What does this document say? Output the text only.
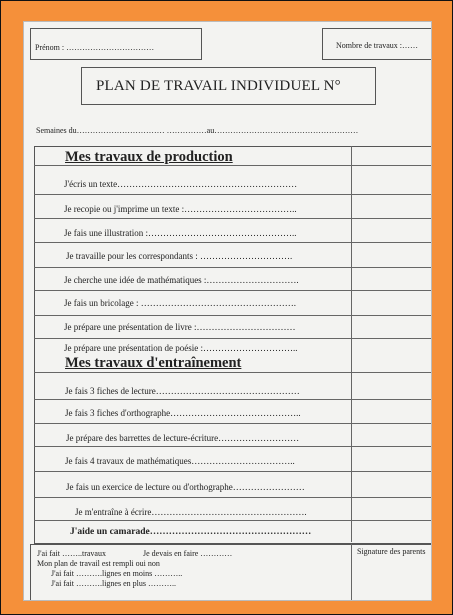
Prénom : ……………………………	Nombre de travaux :……
PLAN DE TRAVAIL INDIVIDUEL N°
Semaines du…………………………… ……………au………………………………………………
Mes travaux de production
J'écris un texte……………………………………………………
Je recopie ou j'imprime un texte :………………………………..
Je fais une illustration :…………………………………………..
Je travaille pour les correspondants : ………………………….
Je cherche une idée de mathématiques :………………………….
Je fais un bricolage : …………………………………………….
Je prépare une présentation de livre :……………………………
Je prépare une présentation de poésie :…………………………..
Mes travaux d'entraînement
Je fais 3 fiches de lecture…………………………………………
Je fais 3 fiches d'orthographe……………………………………..
Je prépare des barrettes de lecture-écriture………………………
Je fais 4 travaux de mathématiques……………………………..
Je fais un exercice de lecture ou d'orthographe……………………
Je m'entraîne à écrire…………………………………………….
J'aide un camarade……………………………………………
J'ai fait ……..travaux	Je devais en faire …………
Mon plan de travail est rempli oui non
J'ai fait ……….lignes en moins ………..
J'ai fait ……….lignes en plus ………..
Signature des parents
